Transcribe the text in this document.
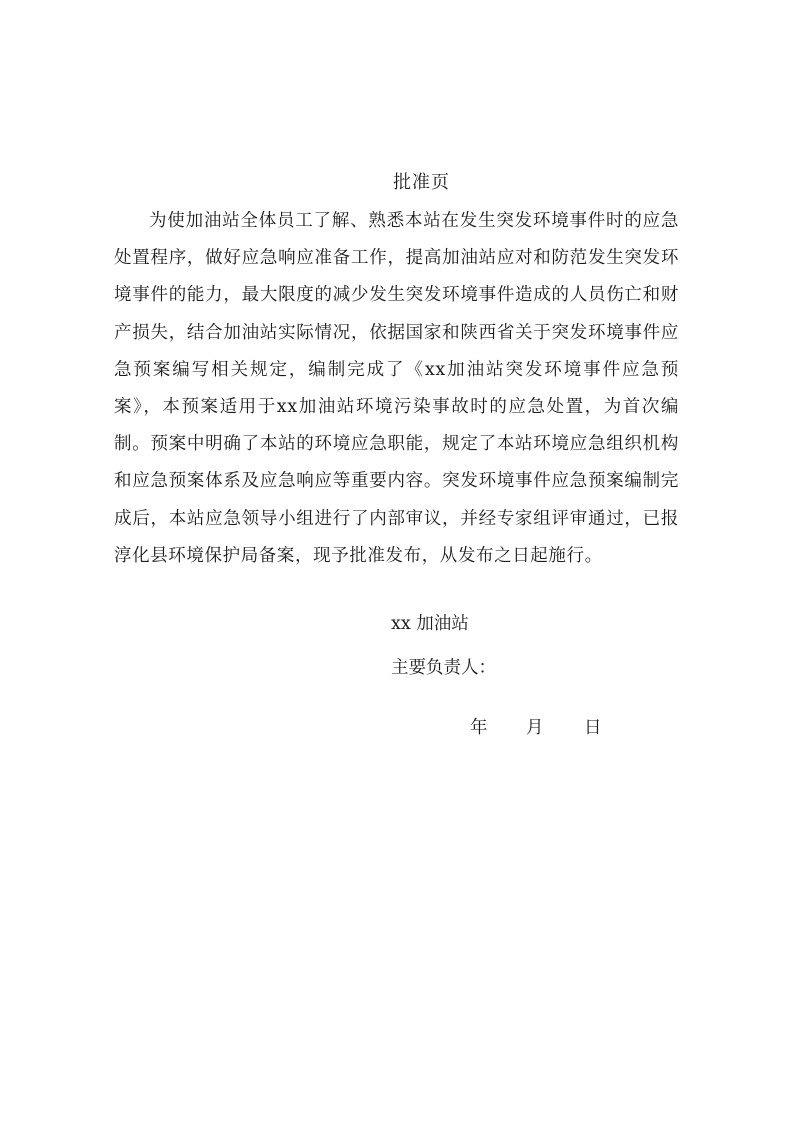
批准页

为使加油站全体员工了解、熟悉本站在发生突发环境事件时的应急处置程序，做好应急响应准备工作，提高加油站应对和防范发生突发环境事件的能力，最大限度的减少发生突发环境事件造成的人员伤亡和财产损失，结合加油站实际情况，依据国家和陕西省关于突发环境事件应急预案编写相关规定，编制完成了《xx加油站突发环境事件应急预案》，本预案适用于xx加油站环境污染事故时的应急处置，为首次编制。预案中明确了本站的环境应急职能，规定了本站环境应急组织机构和应急预案体系及应急响应等重要内容。突发环境事件应急预案编制完成后，本站应急领导小组进行了内部审议，并经专家组评审通过，已报淳化县环境保护局备案，现予批准发布，从发布之日起施行。

xx 加油站
主要负责人：
年 月 日
